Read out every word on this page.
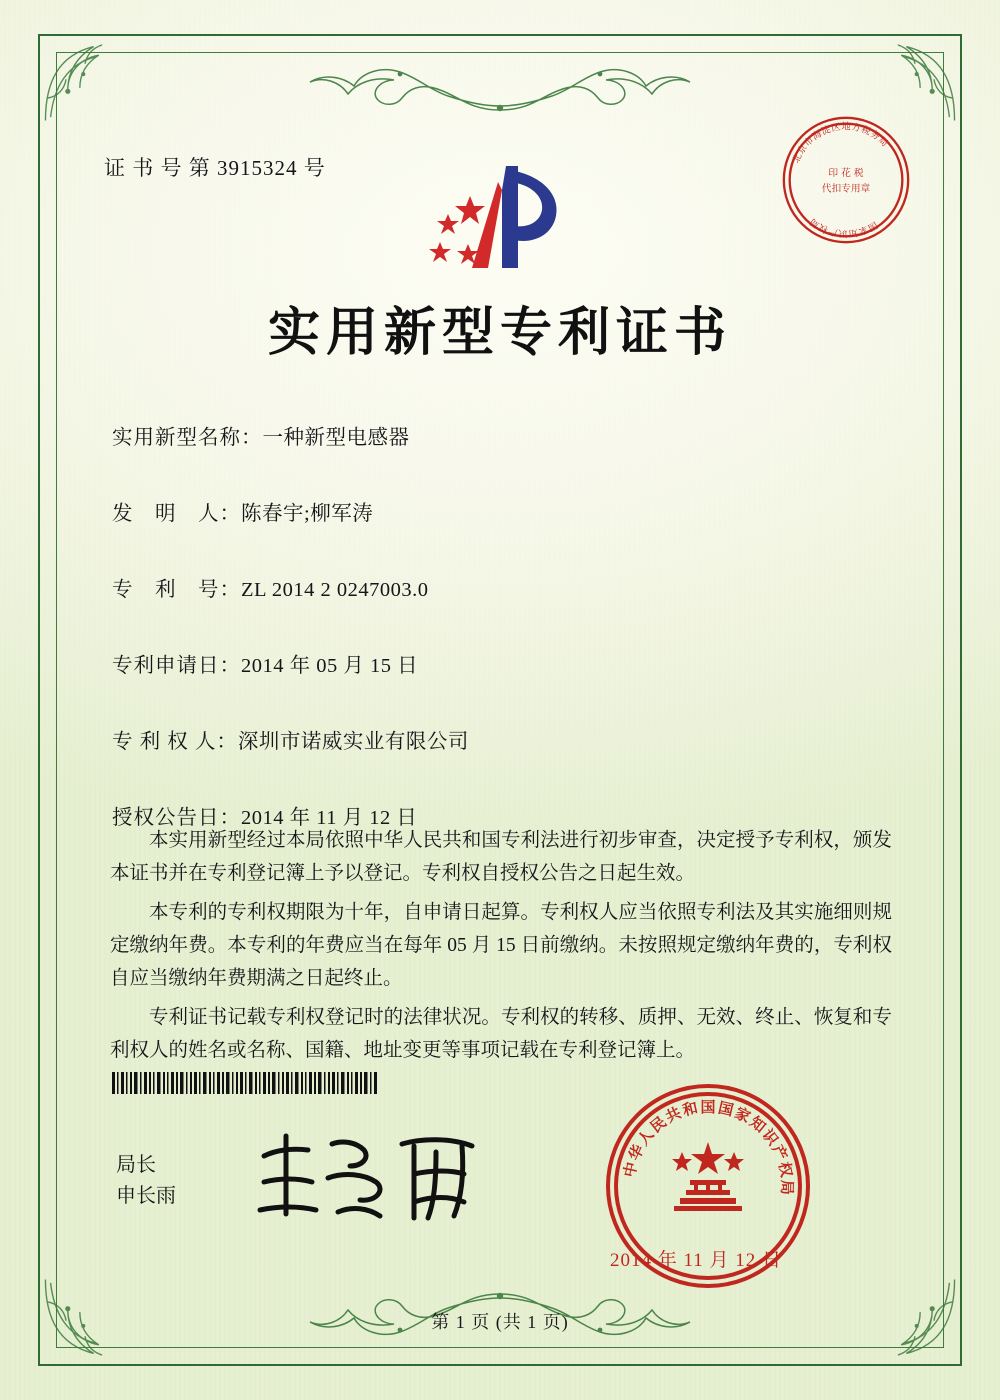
证 书 号 第 3915324 号
实用新型专利证书
北
京
市
海
淀
区 地 方
税
务
局
印 花 税
代扣专用章
国
家
知
识
产
权
局
实用新型名称：一种新型电感器
发　明　人：陈春宇;柳军涛
专　利　号：ZL 2014 2 0247003.0
专利申请日：2014 年 05 月 15 日
专 利 权 人：深圳市诺威实业有限公司
授权公告日：2014 年 11 月 12 日

本实用新型经过本局依照中华人民共和国专利法进行初步审查，决定授予专利权，颁发本证书并在专利登记簿上予以登记。专利权自授权公告之日起生效。

本专利的专利权期限为十年，自申请日起算。专利权人应当依照专利法及其实施细则规定缴纳年费。本专利的年费应当在每年 05 月 15 日前缴纳。未按照规定缴纳年费的，专利权自应当缴纳年费期满之日起终止。

专利证书记载专利权登记时的法律状况。专利权的转移、质押、无效、终止、恢复和专利权人的姓名或名称、国籍、地址变更等事项记载在专利登记簿上。

局长
申长雨
中
华
人
民
共
和 国 国
家
知
识
产
权
局
2014 年 11 月 12 日
第 1 页 (共 1 页)
